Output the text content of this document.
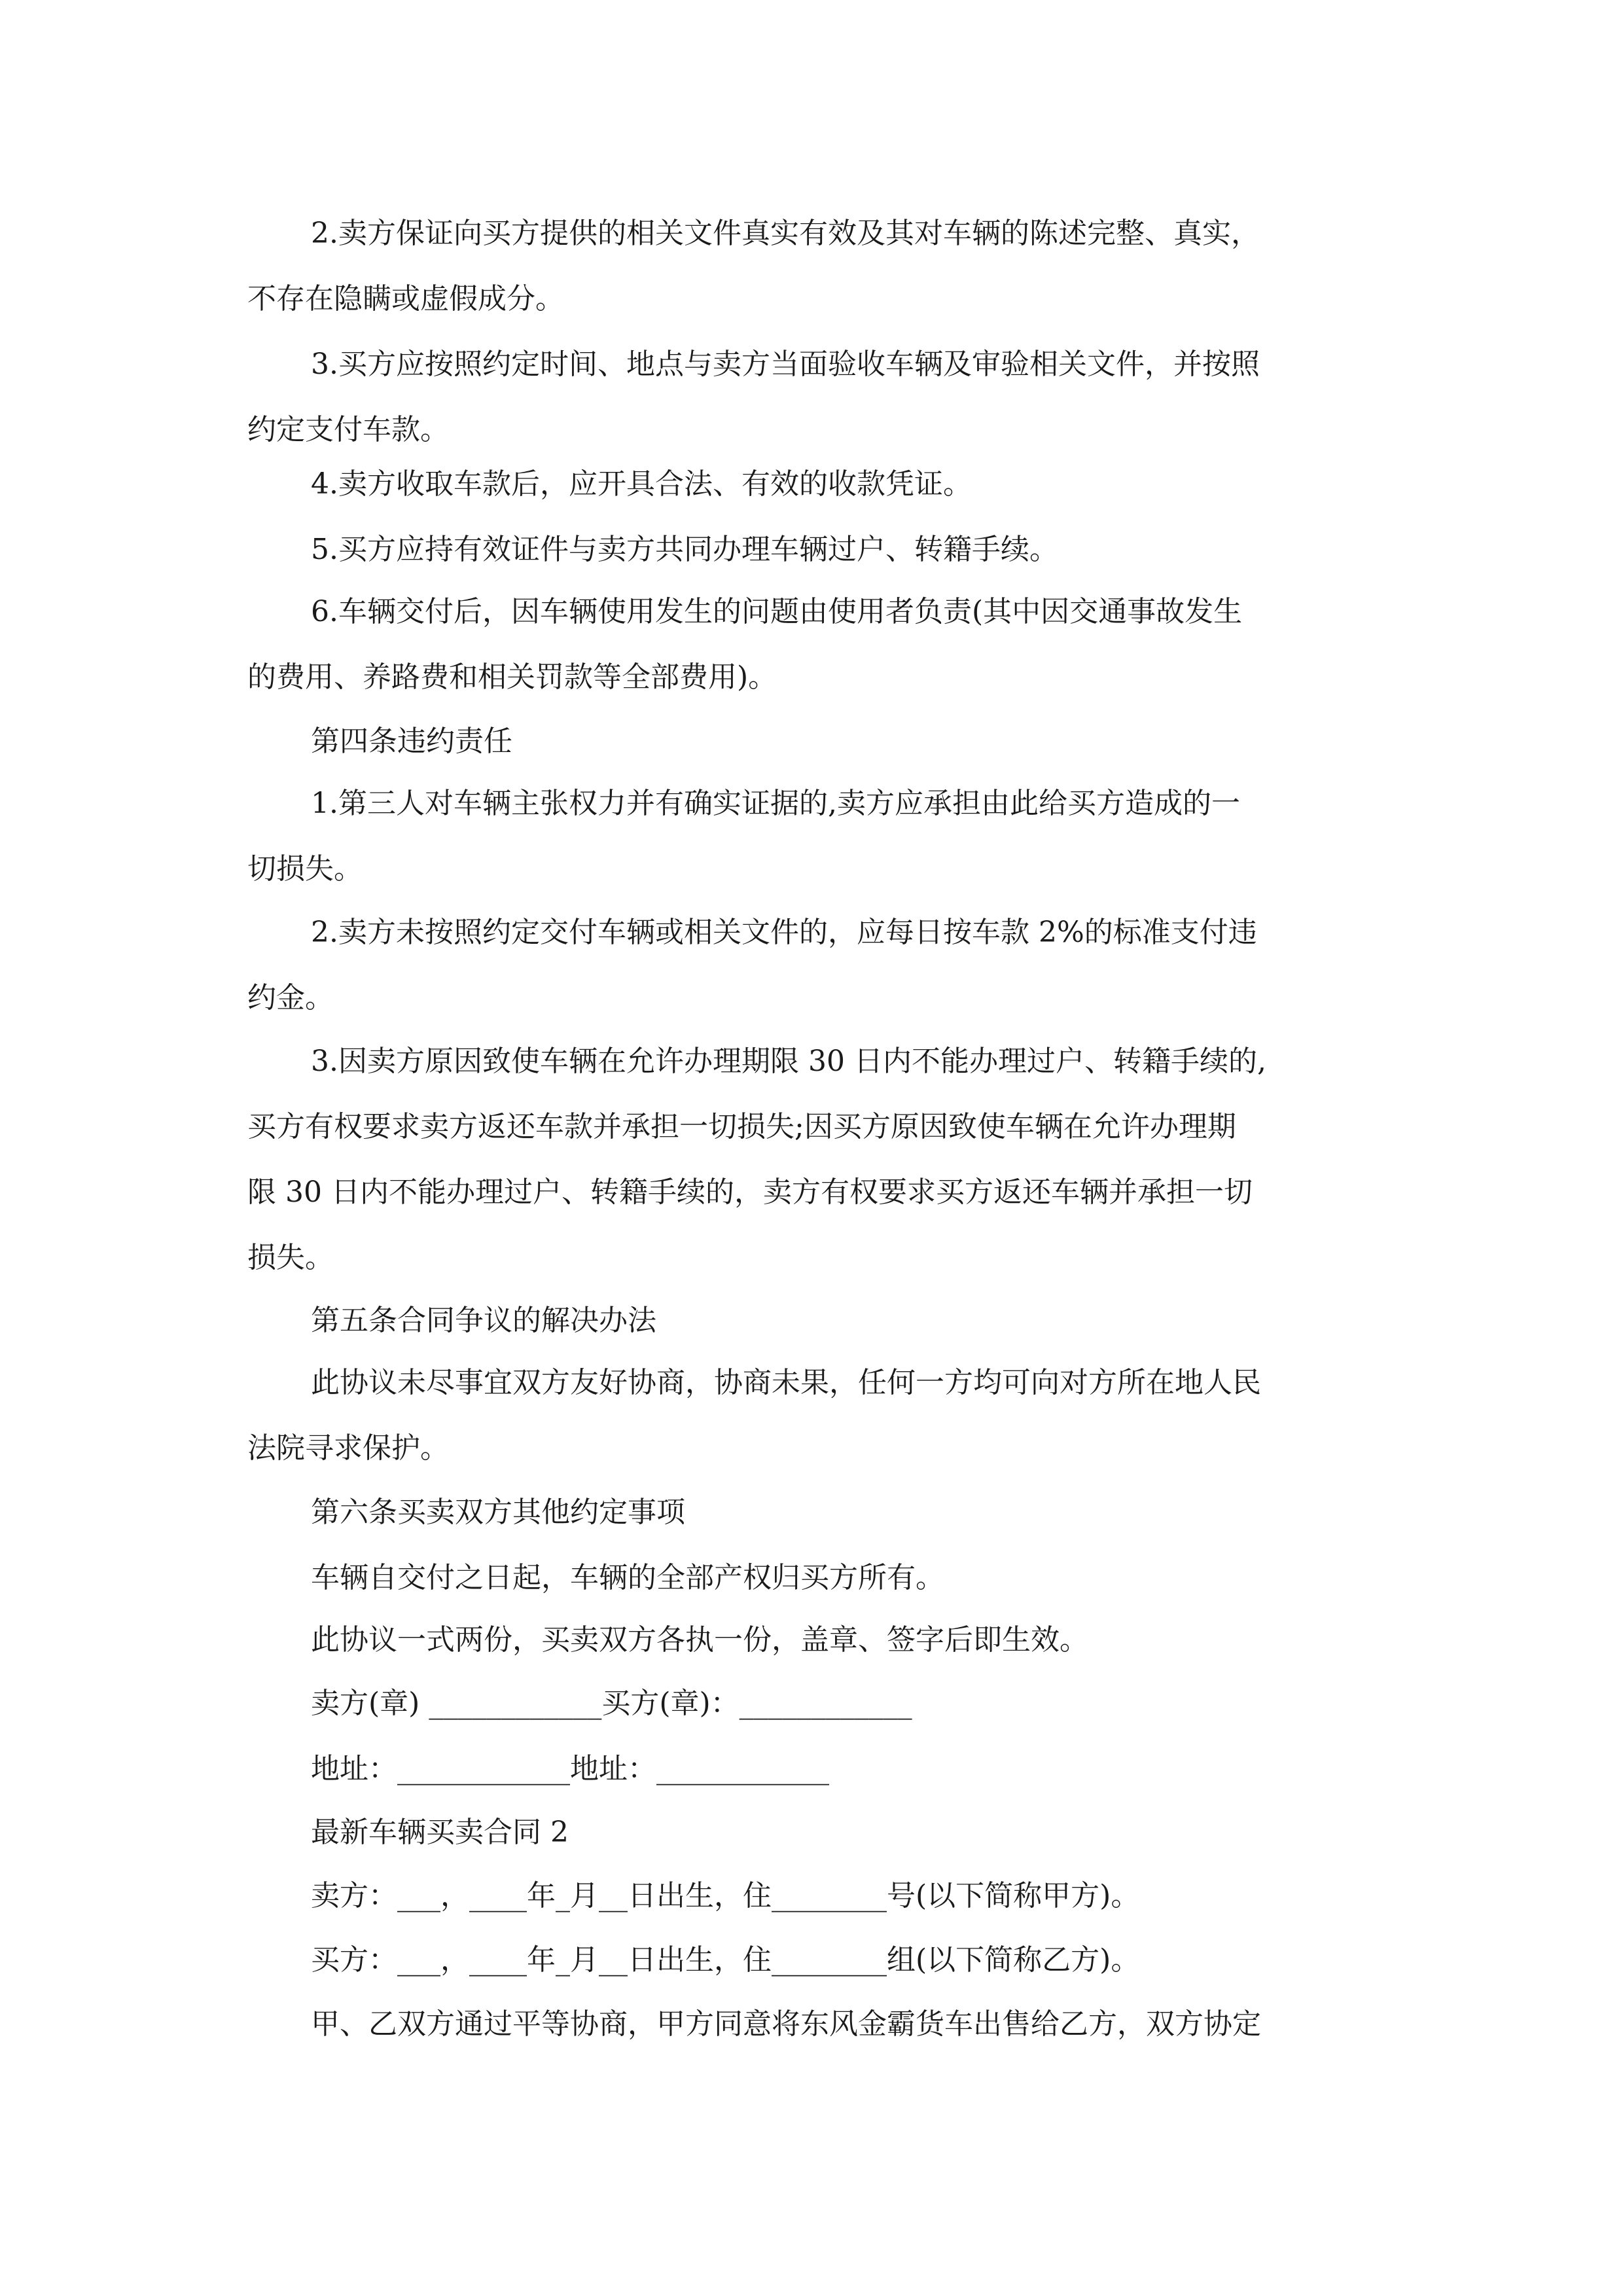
2.卖方保证向买方提供的相关文件真实有效及其对车辆的陈述完整、真实，
不存在隐瞒或虚假成分。

3.买方应按照约定时间、地点与卖方当面验收车辆及审验相关文件，并按照
约定支付车款。

4.卖方收取车款后，应开具合法、有效的收款凭证。

5.买方应持有效证件与卖方共同办理车辆过户、转籍手续。

6.车辆交付后，因车辆使用发生的问题由使用者负责(其中因交通事故发生
的费用、养路费和相关罚款等全部费用)。

第四条违约责任

1.第三人对车辆主张权力并有确实证据的,卖方应承担由此给买方造成的一
切损失。

2.卖方未按照约定交付车辆或相关文件的，应每日按车款 2%的标准支付违
约金。

3.因卖方原因致使车辆在允许办理期限 30 日内不能办理过户、转籍手续的,
买方有权要求卖方返还车款并承担一切损失;因买方原因致使车辆在允许办理期
限 30 日内不能办理过户、转籍手续的，卖方有权要求买方返还车辆并承担一切
损失。

第五条合同争议的解决办法

此协议未尽事宜双方友好协商，协商未果，任何一方均可向对方所在地人民
法院寻求保护。

第六条买卖双方其他约定事项

车辆自交付之日起，车辆的全部产权归买方所有。

此协议一式两份，买卖双方各执一份，盖章、签字后即生效。

卖方(章) ____________买方(章)：____________

地址：____________地址：____________

最新车辆买卖合同 2

卖方：___，____年_月__日出生，住________号(以下简称甲方)。

买方：___，____年_月__日出生，住________组(以下简称乙方)。

甲、乙双方通过平等协商，甲方同意将东风金霸货车出售给乙方，双方协定
